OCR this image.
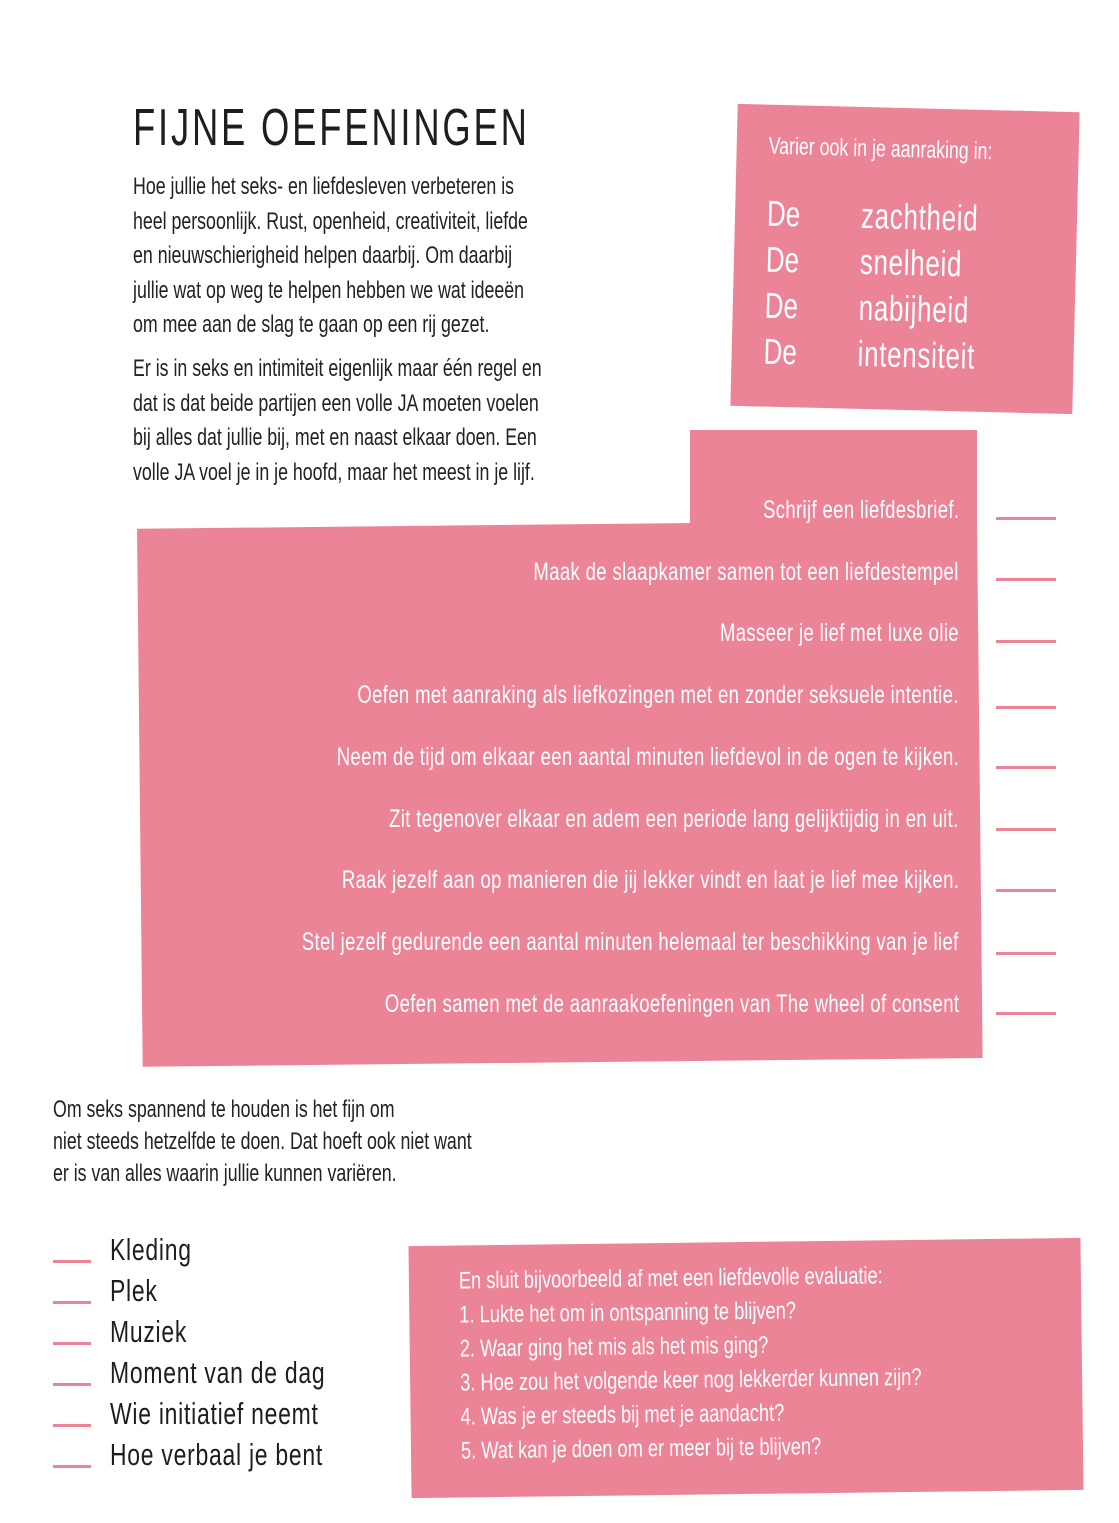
FIJNE OEFENINGEN
Hoe jullie het seks- en liefdesleven verbeteren is
heel persoonlijk. Rust, openheid, creativiteit, liefde
en nieuwschierigheid helpen daarbij. Om daarbij
jullie wat op weg te helpen hebben we wat ideeën
om mee aan de slag te gaan op een rij gezet.
Er is in seks en intimiteit eigenlijk maar één regel en
dat is dat beide partijen een volle JA moeten voelen
bij alles dat jullie bij, met en naast elkaar doen. Een
volle JA voel je in je hoofd, maar het meest in je lijf.
Varier ook in je aanraking in:
De zachtheid
De snelheid
De nabijheid
De intensiteit
Schrijf een liefdesbrief.
Maak de slaapkamer samen tot een liefdestempel
Masseer je lief met luxe olie
Oefen met aanraking als liefkozingen met en zonder seksuele intentie.
Neem de tijd om elkaar een aantal minuten liefdevol in de ogen te kijken.
Zit tegenover elkaar en adem een periode lang gelijktijdig in en uit.
Raak jezelf aan op manieren die jij lekker vindt en laat je lief mee kijken.
Stel jezelf gedurende een aantal minuten helemaal ter beschikking van je lief
Oefen samen met de aanraakoefeningen van The wheel of consent
Om seks spannend te houden is het fijn om
niet steeds hetzelfde te doen. Dat hoeft ook niet want
er is van alles waarin jullie kunnen variëren.
Kleding
Plek
Muziek
Moment van de dag
Wie initiatief neemt
Hoe verbaal je bent
En sluit bijvoorbeeld af met een liefdevolle evaluatie:
1. Lukte het om in ontspanning te blijven?
2. Waar ging het mis als het mis ging?
3. Hoe zou het volgende keer nog lekkerder kunnen zijn?
4. Was je er steeds bij met je aandacht?
5. Wat kan je doen om er meer bij te blijven?
